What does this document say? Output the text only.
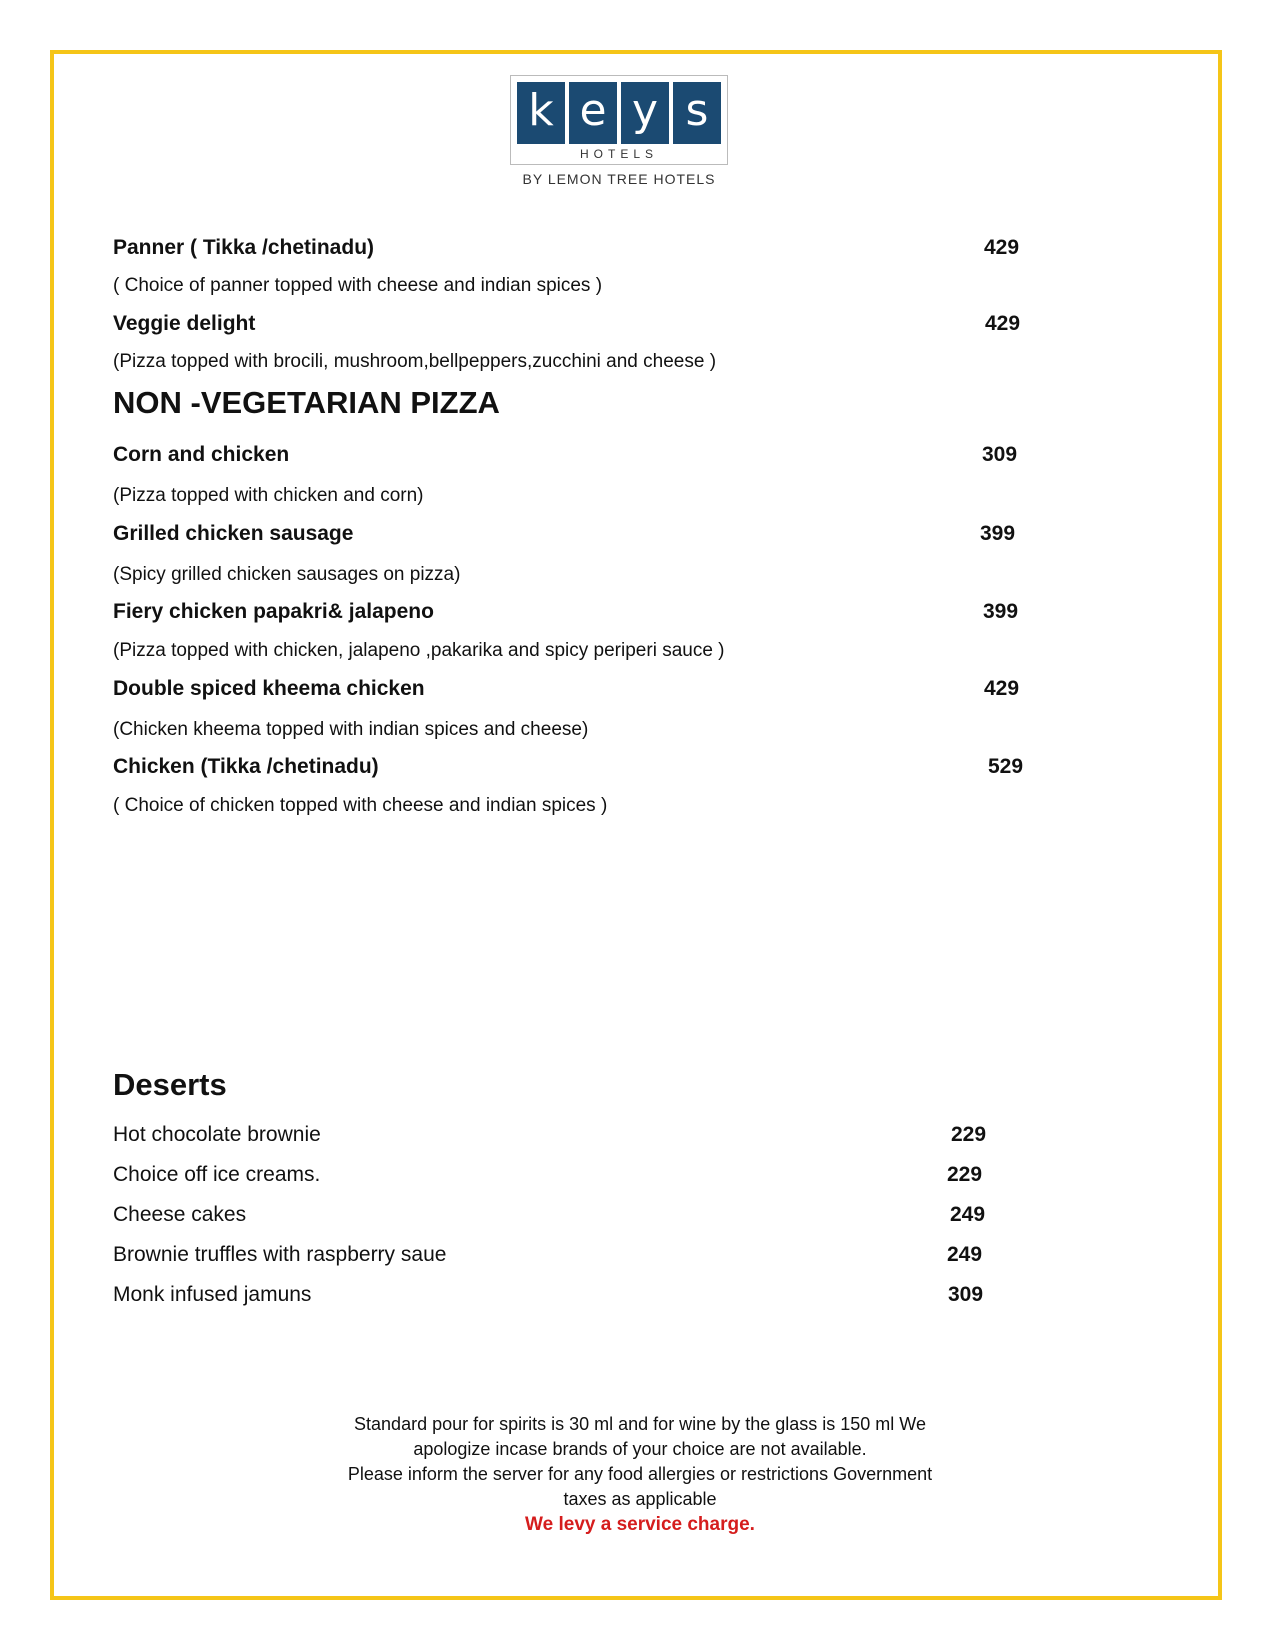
k e y s
HOTELS
BY LEMON TREE HOTELS
Panner ( Tikka /chetinadu)	429
( Choice of panner topped with cheese and indian spices )
Veggie delight	429
(Pizza topped with brocili, mushroom,bellpeppers,zucchini and cheese )
NON -VEGETARIAN PIZZA
Corn and chicken	309
(Pizza topped with chicken and corn)
Grilled chicken sausage	399
(Spicy grilled chicken sausages on pizza)
Fiery chicken papakri& jalapeno	399
(Pizza topped with chicken, jalapeno ,pakarika and spicy periperi sauce )
Double spiced kheema chicken	429
(Chicken kheema topped with indian spices and cheese)
Chicken (Tikka /chetinadu)	529
( Choice of chicken topped with cheese and indian spices )
Deserts
Hot chocolate brownie	229
Choice off ice creams.	229
Cheese cakes	249
Brownie truffles with raspberry saue	249
Monk infused jamuns	309
Standard pour for spirits is 30 ml and for wine by the glass is 150 ml We
apologize incase brands of your choice are not available.
Please inform the server for any food allergies or restrictions Government
taxes as applicable
We levy a service charge.
